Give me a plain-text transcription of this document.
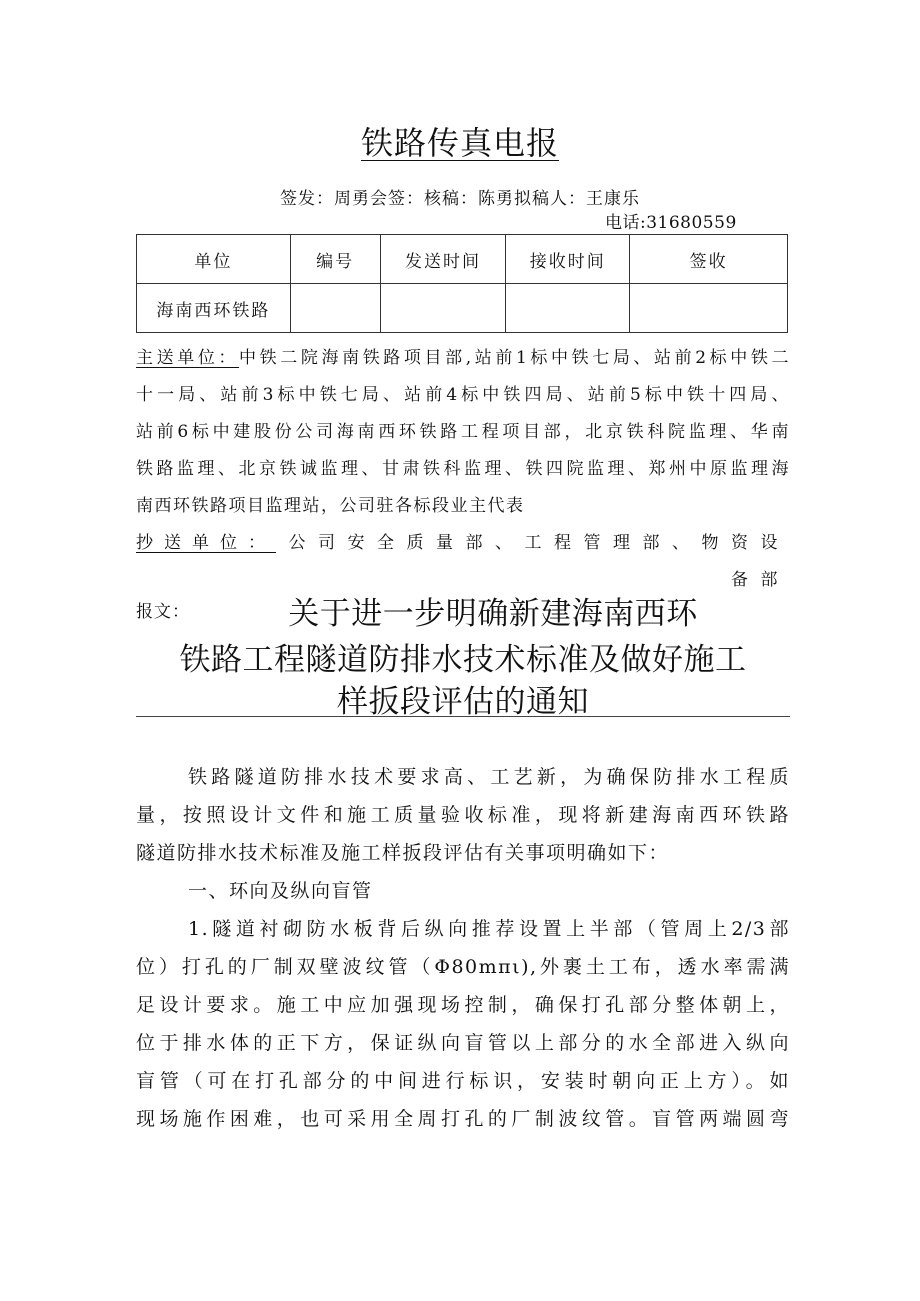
铁路传真电报
签发：周勇会签：核稿：陈勇拟稿人：王康乐
电话:31680559
单位	编号	发送时间	接收时间	签收
海南西环铁路				
主送单位：中铁二院海南铁路项目部,站前1标中铁七局、站前2标中铁二
十一局、站前3标中铁七局、站前4标中铁四局、站前5标中铁十四局、
站前6标中建股份公司海南西环铁路工程项目部，北京铁科院监理、华南
铁路监理、北京铁诚监理、甘肃铁科监理、铁四院监理、郑州中原监理海
南西环铁路项目监理站，公司驻各标段业主代表
抄送单位： 公司安全质量部、工程管理部、物资设备部
报文：	关于进一步明确新建海南西环
铁路工程隧道防排水技术标准及做好施工
样扳段评估的通知
铁路隧道防排水技术要求高、工艺新，为确保防排水工程质
量，按照设计文件和施工质量验收标准，现将新建海南西环铁路
隧道防排水技术标准及施工样扳段评估有关事项明确如下：
一、环向及纵向盲管
1.隧道衬砌防水板背后纵向推荐设置上半部（管周上2/3部
位）打孔的厂制双壁波纹管（Φ80mπι),外裹土工布，透水率需满
足设计要求。施工中应加强现场控制，确保打孔部分整体朝上，
位于排水体的正下方，保证纵向盲管以上部分的水全部进入纵向
盲管（可在打孔部分的中间进行标识，安装时朝向正上方）。如
现场施作困难，也可采用全周打孔的厂制波纹管。盲管两端圆弯
